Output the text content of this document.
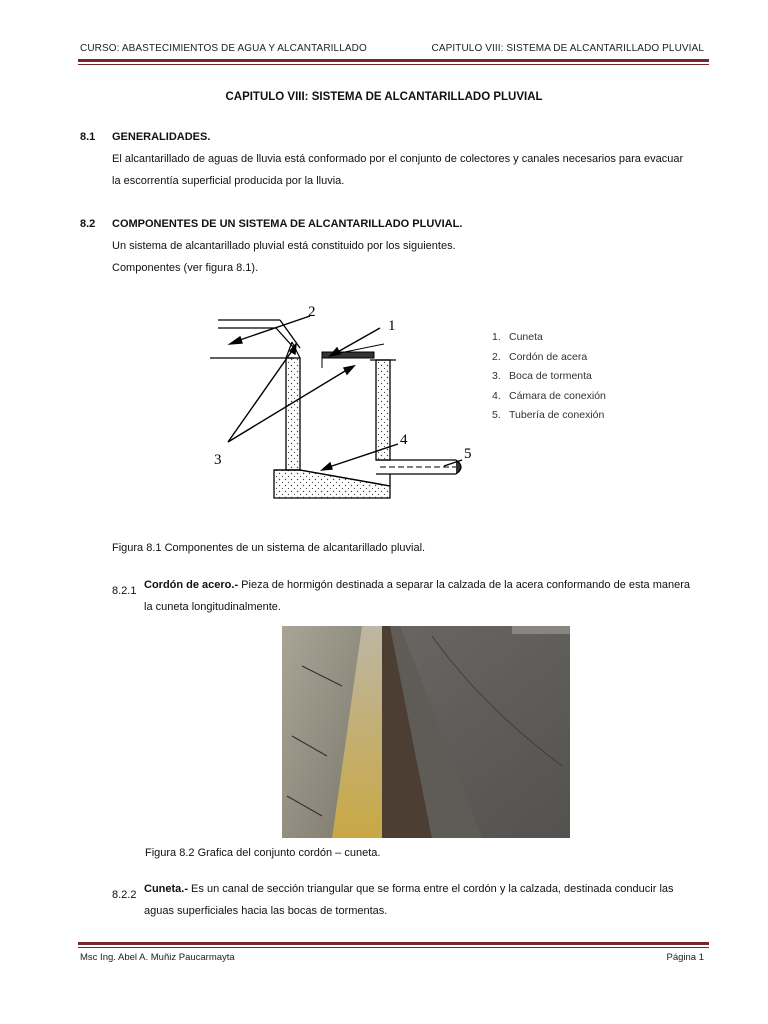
CURSO: ABASTECIMIENTOS DE AGUA Y ALCANTARILLADO	CAPITULO VIII: SISTEMA DE ALCANTARILLADO PLUVIAL
CAPITULO VIII: SISTEMA DE ALCANTARILLADO PLUVIAL
8.1 GENERALIDADES.
El alcantarillado de aguas de lluvia está conformado por el conjunto de colectores y canales necesarios para evacuar
la escorrentía superficial producida por la lluvia.
8.2 COMPONENTES DE UN SISTEMA DE ALCANTARILLADO PLUVIAL.
Un sistema de alcantarillado pluvial está constituido por los siguientes.
Componentes (ver figura 8.1).
2
1
3
4
5
1. Cuneta
2. Cordón de acera
3. Boca de tormenta
4. Cámara de conexión
5. Tubería de conexión
Figura 8.1 Componentes de un sistema de alcantarillado pluvial.
8.2.1 Cordón de acero.- Pieza de hormigón destinada a separar la calzada de la acera conformando de esta manera
la cuneta longitudinalmente.
Figura 8.2 Grafica del conjunto cordón – cuneta.
8.2.2 Cuneta.- Es un canal de sección triangular que se forma entre el cordón y la calzada, destinada conducir las
aguas superficiales hacia las bocas de tormentas.
Msc Ing. Abel A. Muñiz Paucarmayta	Página 1
